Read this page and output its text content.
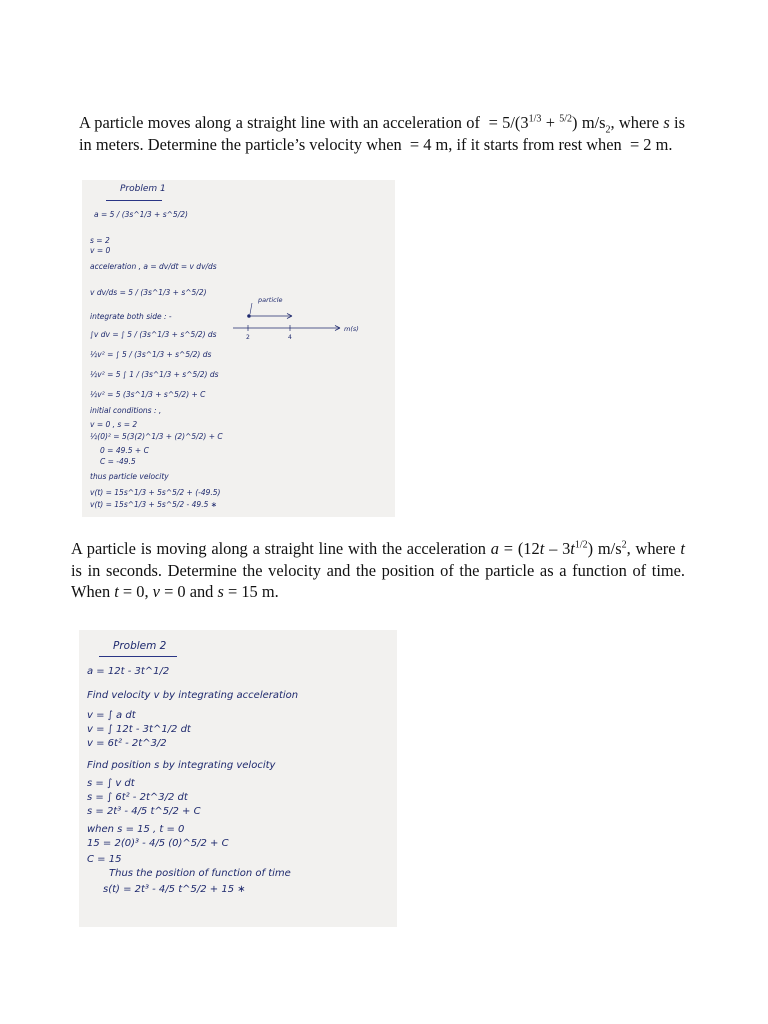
A particle moves along a straight line with an acceleration of = $5/(3^{1/3} + ^{5/2})$ $m/s_2$, where s is in meters. Determine the particle’s velocity when = 4 m, if it starts from rest when = 2 m.

Problem 1
a = 5 / (3s^1/3 + s^5/2)
s = 2
v = 0
acceleration , a = dv/dt = v dv/ds
v dv/ds = 5 / (3s^1/3 + s^5/2)
integrate both side : -
∫v dv = ∫ 5 / (3s^1/3 + s^5/2) ds
½v² = ∫ 5 / (3s^1/3 + s^5/2) ds
½v² = 5 ∫ 1 / (3s^1/3 + s^5/2) ds
½v² = 5 (3s^1/3 + s^5/2) + C
initial conditions : ,
v = 0 , s = 2
½(0)² = 5(3(2)^1/3 + (2)^5/2) + C
0 = 49.5 + C
C = -49.5
thus particle velocity
v(t) = 15s^1/3 + 5s^5/2 + (-49.5)
v(t) = 15s^1/3 + 5s^5/2 - 49.5 ∗
particle
2	4
m(s)

A particle is moving along a straight line with the acceleration $a = (12t - 3t^{1/2})$ $m/s^2$, where t is in seconds. Determine the velocity and the position of the particle as a function of time. When t = 0, v = 0 and s = 15 m.

Problem 2
a = 12t - 3t^1/2
Find velocity v by integrating acceleration
v = ∫ a dt
v = ∫ 12t - 3t^1/2 dt
v = 6t² - 2t^3/2
Find position s by integrating velocity
s = ∫ v dt
s = ∫ 6t² - 2t^3/2 dt
s = 2t³ - 4/5 t^5/2 + C
when s = 15 , t = 0
15 = 2(0)³ - 4/5 (0)^5/2 + C
C = 15
Thus the position of function of time
s(t) = 2t³ - 4/5 t^5/2 + 15 ∗
